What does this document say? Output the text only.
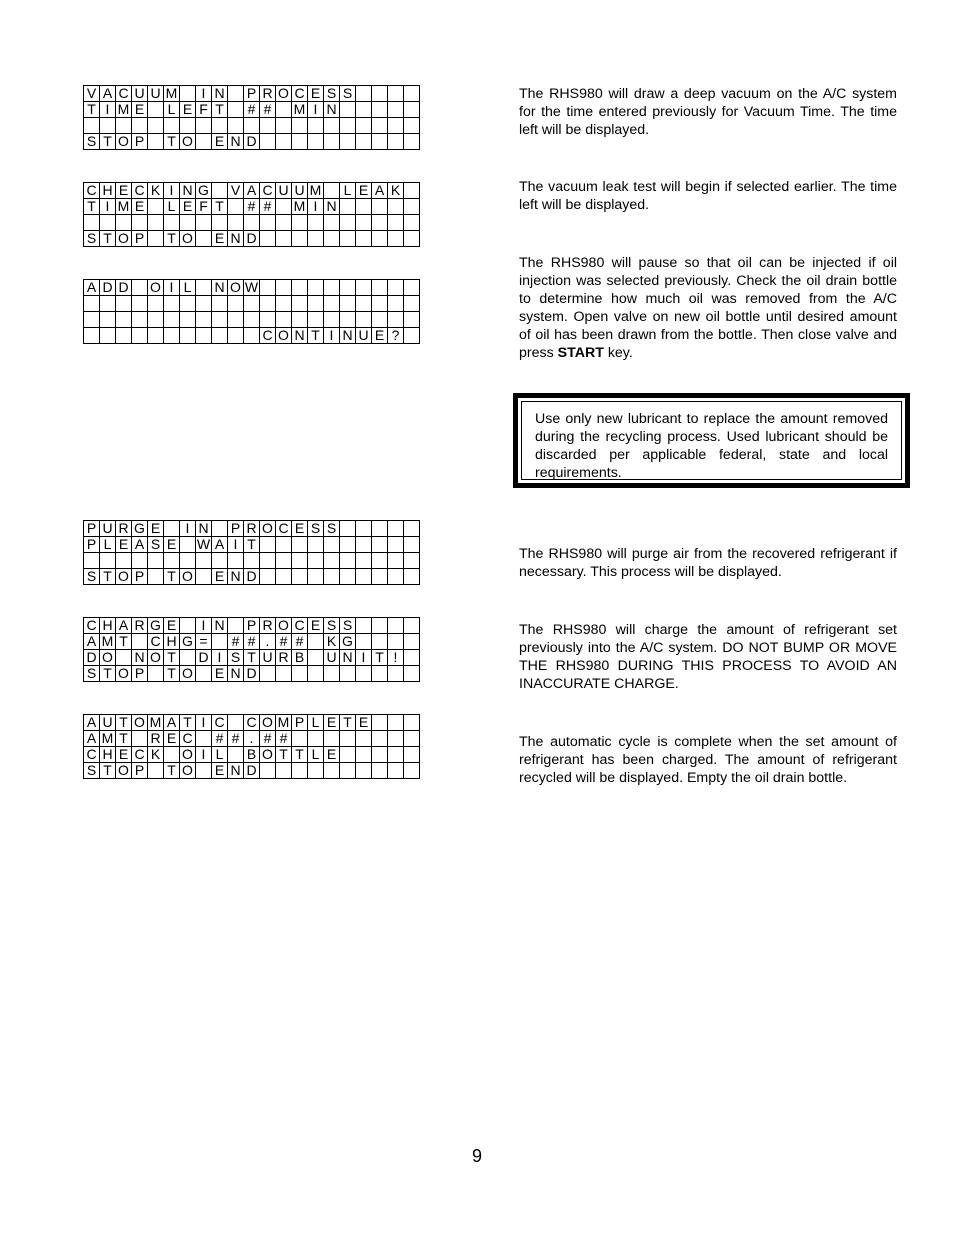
V A C U U M	I N P R O C E S S
T I M E L E F T	# #	M I N
S T O P T O E N D

The RHS980 will draw a deep vacuum on the A/C system for the time entered previously for Vacuum Time. The time left will be displayed.

C H E C K I N G V A C U U M L E A K
T I M E L E F T	# #	M I N
S T O P T O E N D

The vacuum leak test will begin if selected earlier. The time left will be displayed.

A D D O I L	N O W
C O N T I N U E ?

The RHS980 will pause so that oil can be injected if oil injection was selected previously. Check the oil drain bottle to determine how much oil was removed from the A/C system. Open valve on new oil bottle until desired amount of oil has been drawn from the bottle. Then close valve and press START key.

Use only new lubricant to replace the amount removed during the recycling process. Used lubricant should be discarded per applicable federal, state and local requirements.
P U R G E	I N P R O C E S S
P L E A S E W A I T
S T O P T O E N D

The RHS980 will purge air from the recovered refrigerant if necessary. This process will be displayed.

C H A R G E	I N P R O C E S S
A M T	C H G =	# # . # #	K G
D O N O T	D I S T U R B U N I T !
S T O P T O E N D

The RHS980 will charge the amount of refrigerant set previously into the A/C system. DO NOT BUMP OR MOVE THE RHS980 DURING THIS PROCESS TO AVOID AN INACCURATE CHARGE.

A U T O M A T I C C O M P L E T E
A M T	R E C # # . # #
C H E C K O I L	B O T T L E
S T O P T O E N D

The automatic cycle is complete when the set amount of refrigerant has been charged. The amount of refrigerant recycled will be displayed. Empty the oil drain bottle.

9
